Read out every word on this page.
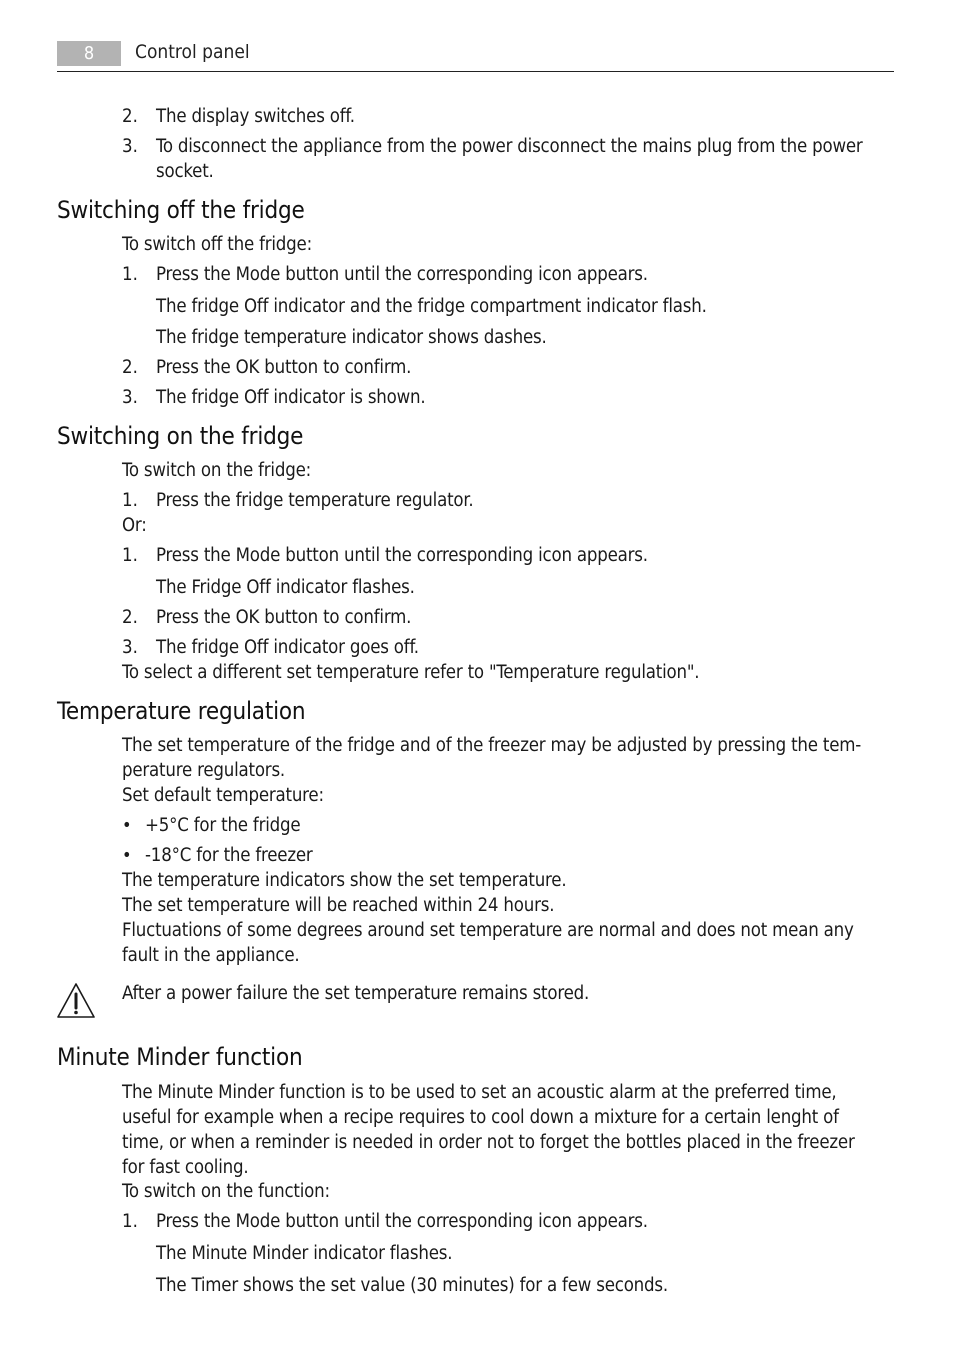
8	Control panel
2. The display switches off.
3. To disconnect the appliance from the power disconnect the mains plug from the power
socket.
Switching off the fridge
To switch off the fridge:
1. Press the Mode button until the corresponding icon appears.
The fridge Off indicator and the fridge compartment indicator flash.
The fridge temperature indicator shows dashes.
2. Press the OK button to confirm.
3. The fridge Off indicator is shown.
Switching on the fridge
To switch on the fridge:
1. Press the fridge temperature regulator.
Or:
1. Press the Mode button until the corresponding icon appears.
The Fridge Off indicator flashes.
2. Press the OK button to confirm.
3. The fridge Off indicator goes off.
To select a different set temperature refer to "Temperature regulation".
Temperature regulation
The set temperature of the fridge and of the freezer may be adjusted by pressing the tem-
perature regulators.
Set default temperature:
• +5°C for the fridge
• -18°C for the freezer
The temperature indicators show the set temperature.
The set temperature will be reached within 24 hours.
Fluctuations of some degrees around set temperature are normal and does not mean any
fault in the appliance.
After a power failure the set temperature remains stored.
Minute Minder function
The Minute Minder function is to be used to set an acoustic alarm at the preferred time,
useful for example when a recipe requires to cool down a mixture for a certain lenght of
time, or when a reminder is needed in order not to forget the bottles placed in the freezer
for fast cooling.
To switch on the function:
1. Press the Mode button until the corresponding icon appears.
The Minute Minder indicator flashes.
The Timer shows the set value (30 minutes) for a few seconds.
